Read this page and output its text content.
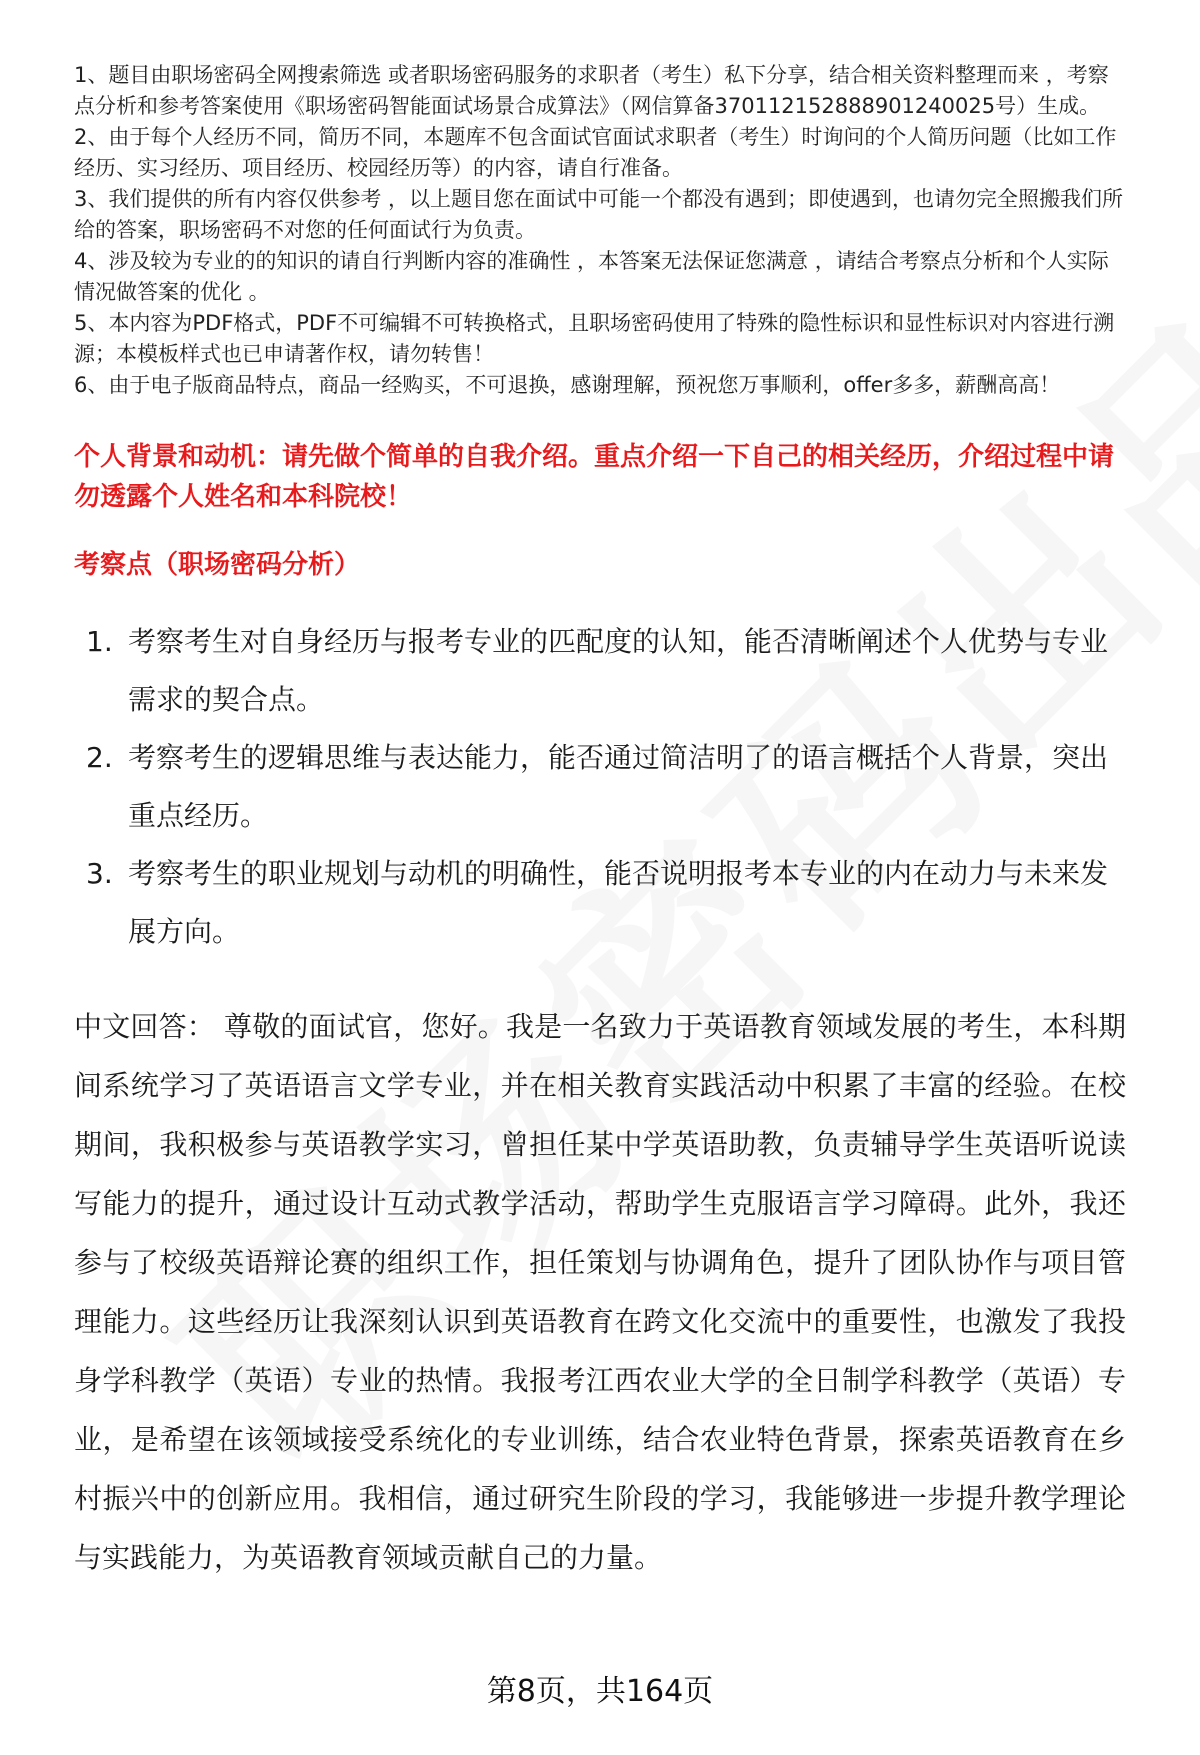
1、题目由职场密码全网搜索筛选 或者职场密码服务的求职者（考生）私下分享，结合相关资料整理而来 ，考察点分析和参考答案使用《职场密码智能面试场景合成算法》（网信算备370112152888901240025号）生成。

2、由于每个人经历不同，简历不同，本题库不包含面试官面试求职者（考生）时询问的个人简历问题（比如工作经历、实习经历、项目经历、校园经历等）的内容，请自行准备。

3、我们提供的所有内容仅供参考 ，以上题目您在面试中可能一个都没有遇到；即使遇到，也请勿完全照搬我们所给的答案，职场密码不对您的任何面试行为负责。

4、涉及较为专业的的知识的请自行判断内容的准确性 ，本答案无法保证您满意 ，请结合考察点分析和个人实际情况做答案的优化 。

5、本内容为PDF格式，PDF不可编辑不可转换格式，且职场密码使用了特殊的隐性标识和显性标识对内容进行溯源；本模板样式也已申请著作权，请勿转售！

6、由于电子版商品特点，商品一经购买，不可退换，感谢理解，预祝您万事顺利，offer多多，薪酬高高！

个人背景和动机：请先做个简单的自我介绍。重点介绍一下自己的相关经历，介绍过程中请勿透露个人姓名和本科院校！
考察点（职场密码分析）
1. 考察考生对自身经历与报考专业的匹配度的认知，能否清晰阐述个人优势与专业需求的契合点。
2. 考察考生的逻辑思维与表达能力，能否通过简洁明了的语言概括个人背景，突出重点经历。
3. 考察考生的职业规划与动机的明确性，能否说明报考本专业的内在动力与未来发展方向。
中文回答： 尊敬的面试官，您好。我是一名致力于英语教育领域发展的考生，本科期间系统学习了英语语言文学专业，并在相关教育实践活动中积累了丰富的经验。在校期间，我积极参与英语教学实习，曾担任某中学英语助教，负责辅导学生英语听说读写能力的提升，通过设计互动式教学活动，帮助学生克服语言学习障碍。此外，我还参与了校级英语辩论赛的组织工作，担任策划与协调角色，提升了团队协作与项目管理能力。这些经历让我深刻认识到英语教育在跨文化交流中的重要性，也激发了我投身学科教学（英语）专业的热情。我报考江西农业大学的全日制学科教学（英语）专业，是希望在该领域接受系统化的专业训练，结合农业特色背景，探索英语教育在乡村振兴中的创新应用。我相信，通过研究生阶段的学习，我能够进一步提升教学理论与实践能力，为英语教育领域贡献自己的力量。
第8页，共164页
